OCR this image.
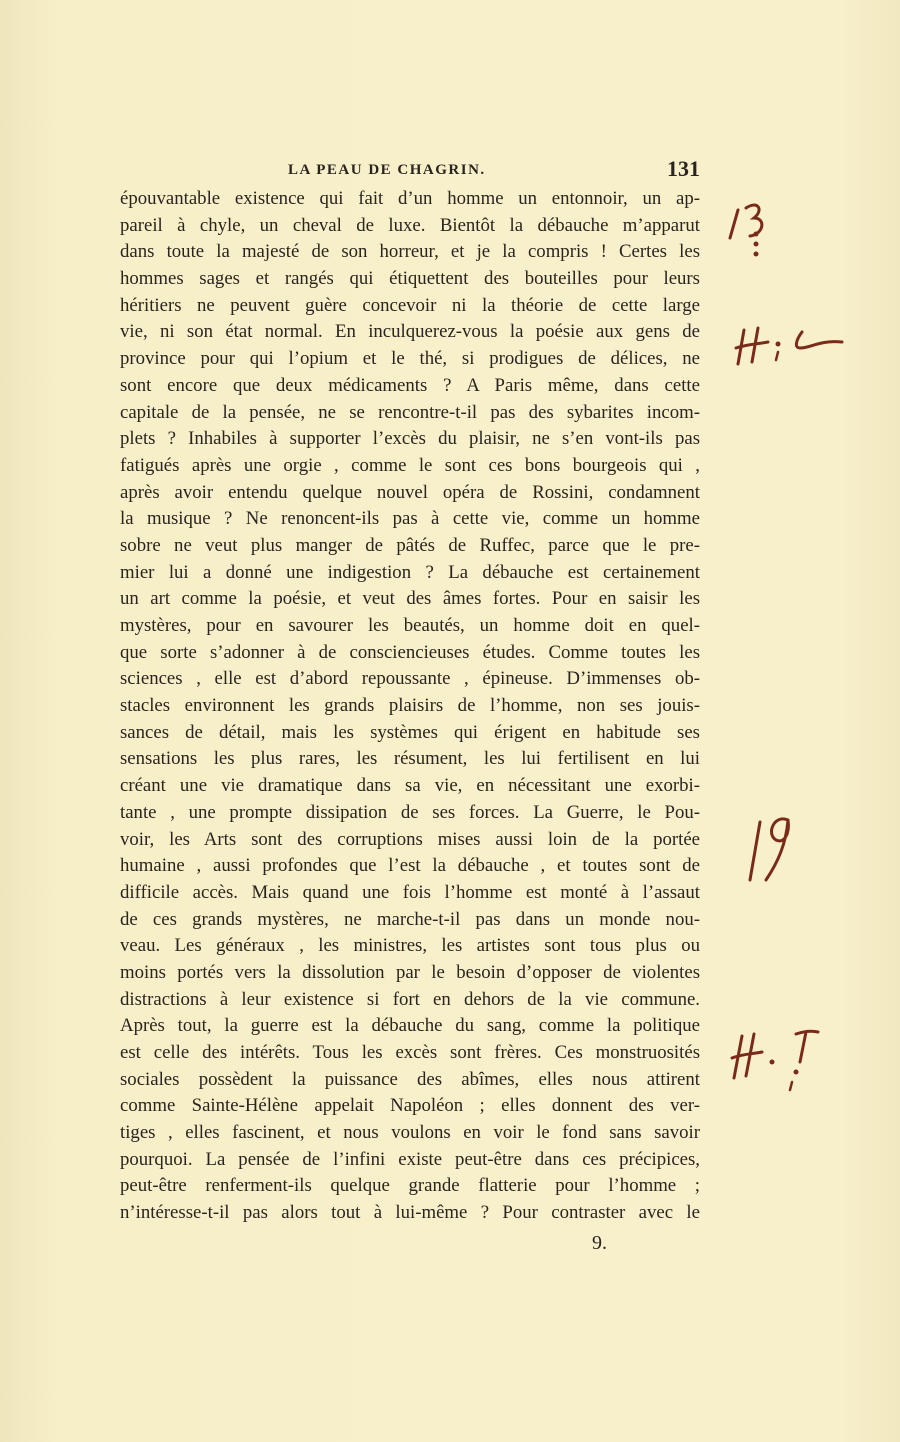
LA PEAU DE CHAGRIN.	131
épouvantable existence qui fait d’un homme un entonnoir, un ap-
pareil à chyle, un cheval de luxe. Bientôt la débauche m’apparut
dans toute la majesté de son horreur, et je la compris ! Certes les
hommes sages et rangés qui étiquettent des bouteilles pour leurs
héritiers ne peuvent guère concevoir ni la théorie de cette large
vie, ni son état normal. En inculquerez-vous la poésie aux gens de
province pour qui l’opium et le thé, si prodigues de délices, ne
sont encore que deux médicaments ? A Paris même, dans cette
capitale de la pensée, ne se rencontre-t-il pas des sybarites incom-
plets ? Inhabiles à supporter l’excès du plaisir, ne s’en vont-ils pas
fatigués après une orgie , comme le sont ces bons bourgeois qui ,
après avoir entendu quelque nouvel opéra de Rossini, condamnent
la musique ? Ne renoncent-ils pas à cette vie, comme un homme
sobre ne veut plus manger de pâtés de Ruffec, parce que le pre-
mier lui a donné une indigestion ? La débauche est certainement
un art comme la poésie, et veut des âmes fortes. Pour en saisir les
mystères, pour en savourer les beautés, un homme doit en quel-
que sorte s’adonner à de consciencieuses études. Comme toutes les
sciences , elle est d’abord repoussante , épineuse. D’immenses ob-
stacles environnent les grands plaisirs de l’homme, non ses jouis-
sances de détail, mais les systèmes qui érigent en habitude ses
sensations les plus rares, les résument, les lui fertilisent en lui
créant une vie dramatique dans sa vie, en nécessitant une exorbi-
tante , une prompte dissipation de ses forces. La Guerre, le Pou-
voir, les Arts sont des corruptions mises aussi loin de la portée
humaine , aussi profondes que l’est la débauche , et toutes sont de
difficile accès. Mais quand une fois l’homme est monté à l’assaut
de ces grands mystères, ne marche-t-il pas dans un monde nou-
veau. Les généraux , les ministres, les artistes sont tous plus ou
moins portés vers la dissolution par le besoin d’opposer de violentes
distractions à leur existence si fort en dehors de la vie commune.
Après tout, la guerre est la débauche du sang, comme la politique
est celle des intérêts. Tous les excès sont frères. Ces monstruosités
sociales possèdent la puissance des abîmes, elles nous attirent
comme Sainte-Hélène appelait Napoléon ; elles donnent des ver-
tiges , elles fascinent, et nous voulons en voir le fond sans savoir
pourquoi. La pensée de l’infini existe peut-être dans ces précipices,
peut-être renferment-ils quelque grande flatterie pour l’homme ;
n’intéresse-t-il pas alors tout à lui-même ? Pour contraster avec le
9.
